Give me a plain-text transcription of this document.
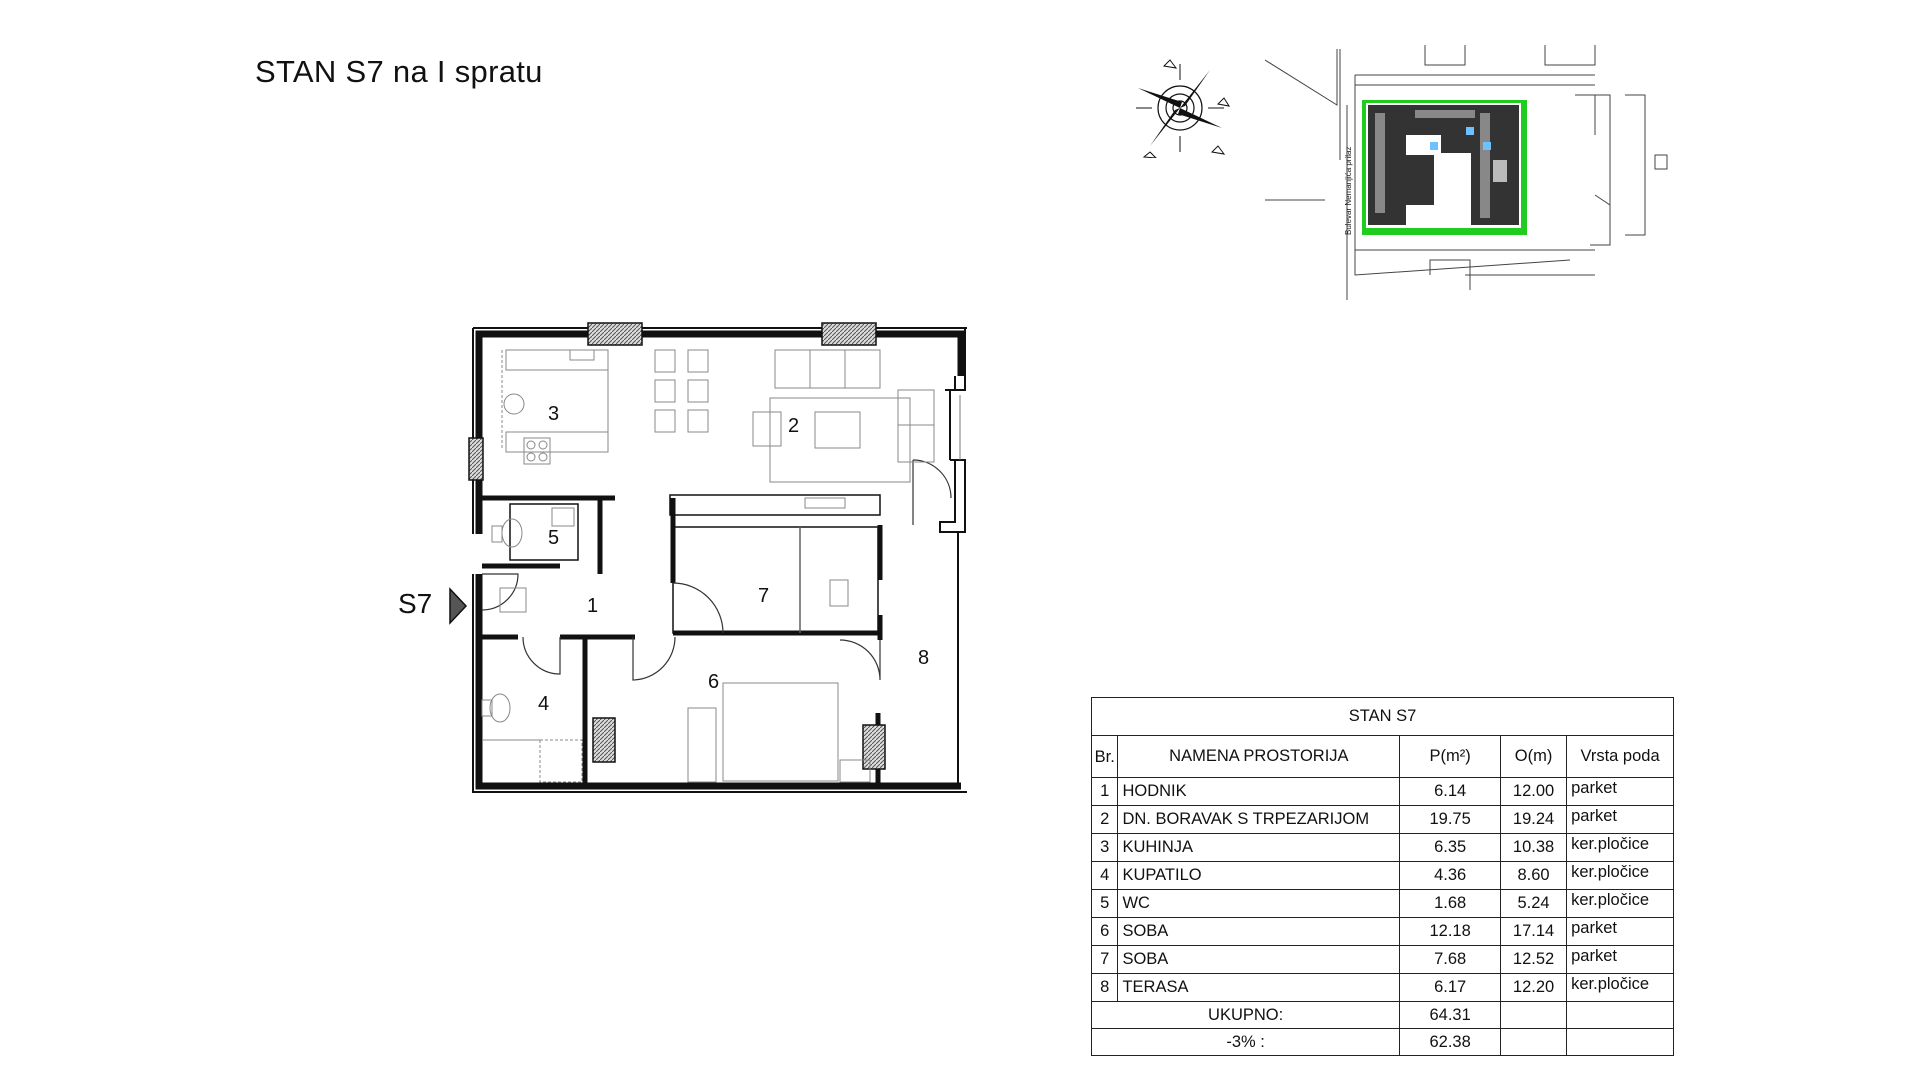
STAN S7 na I spratu
Bulevar Nemanjića prilaz
3
2
5
1	7
8
6
4
S7
STAN S7				
Br.	NAMENA PROSTORIJA	P(m²)	O(m)	Vrsta poda
1	HODNIK	6.14	12.00	parket
2	DN. BORAVAK S TRPEZARIJOM	19.75	19.24	parket
3	KUHINJA	6.35	10.38	ker.pločice
4	KUPATILO	4.36	8.60	ker.pločice
5	WC	1.68	5.24	ker.pločice
6	SOBA	12.18	17.14	parket
7	SOBA	7.68	12.52	parket
8	TERASA	6.17	12.20	ker.pločice
UKUPNO:		64.31		
-3% :		62.38		
